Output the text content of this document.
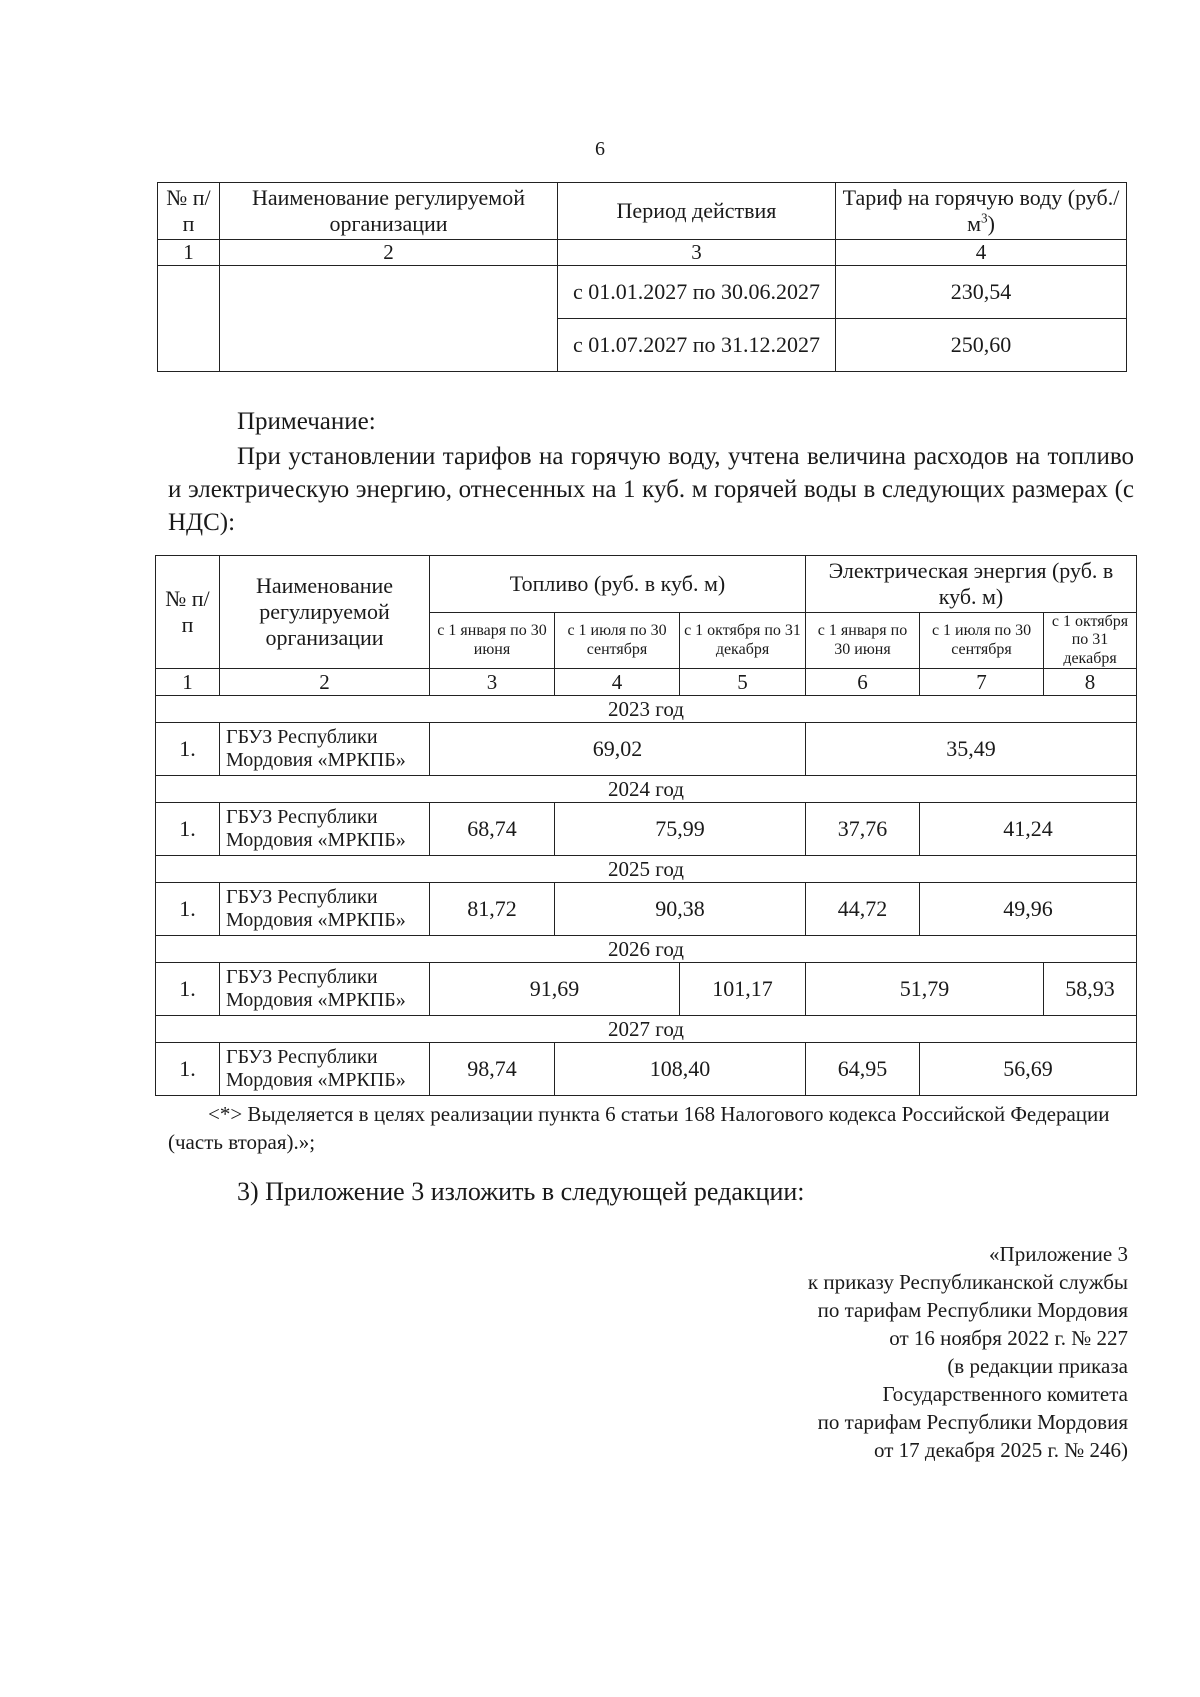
6
№ п/п	Наименование регулируемой организации	Период действия	Тариф на горячую воду $(руб./м^3)$
1	2	3	4
		с 01.01.2027 по 30.06.2027	230,54
		с 01.07.2027 по 31.12.2027	250,60
Примечание:
При установлении тарифов на горячую воду, учтена величина расходов на топливо и электрическую энергию, отнесенных на 1 куб. м горячей воды в следующих размерах (с НДС):
№ п/п	Наименование регулируемой организации	Топливо (руб. в куб. м)			Электрическая энергия (руб. в куб. м)		
		с 1 января по 30 июня	с 1 июля по 30 сентября	с 1 октября по 31 декабря	с 1 января по 30 июня	с 1 июля по 30 сентября	с 1 октября по 31 декабря
1	2	3	4	5	6	7	8
2023 год							
1.	ГБУЗ Республики Мордовия «МРКПБ»	69,02			35,49		
2024 год							
1.	ГБУЗ Республики Мордовия «МРКПБ»	68,74	75,99		37,76	41,24	
2025 год							
1.	ГБУЗ Республики Мордовия «МРКПБ»	81,72	90,38		44,72	49,96	
2026 год							
1.	ГБУЗ Республики Мордовия «МРКПБ»	91,69		101,17	51,79		58,93
2027 год							
1.	ГБУЗ Республики Мордовия «МРКПБ»	98,74	108,40		64,95	56,69	
<*> Выделяется в целях реализации пункта 6 статьи 168 Налогового кодекса Российской Федерации (часть вторая).»;
3) Приложение 3 изложить в следующей редакции:
«Приложение 3
к приказу Республиканской службы
по тарифам Республики Мордовия
от 16 ноября 2022 г. № 227
(в редакции приказа
Государственного комитета
по тарифам Республики Мордовия
от 17 декабря 2025 г. № 246)
